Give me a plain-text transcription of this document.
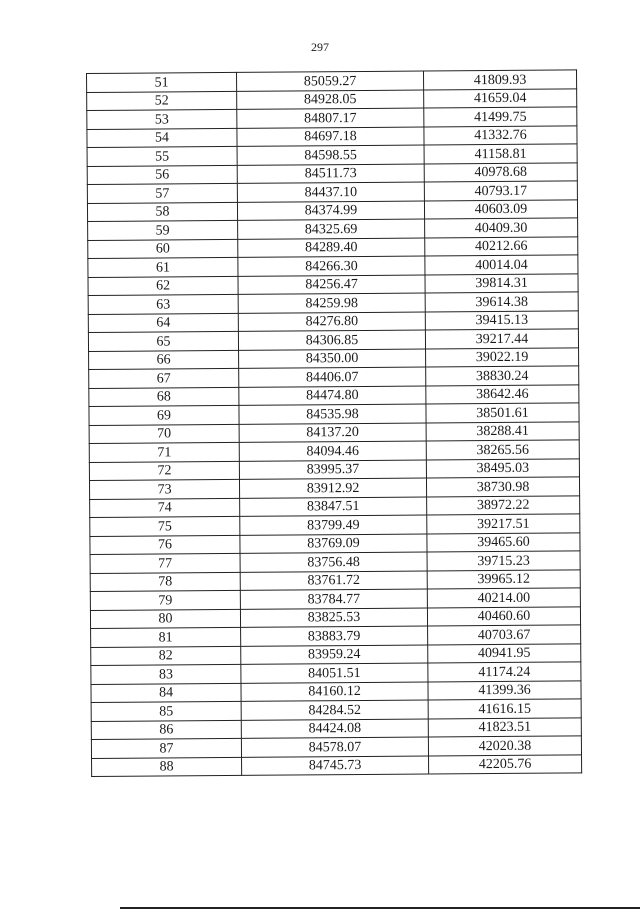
297
51	85059.27	41809.93
52	84928.05	41659.04
53	84807.17	41499.75
54	84697.18	41332.76
55	84598.55	41158.81
56	84511.73	40978.68
57	84437.10	40793.17
58	84374.99	40603.09
59	84325.69	40409.30
60	84289.40	40212.66
61	84266.30	40014.04
62	84256.47	39814.31
63	84259.98	39614.38
64	84276.80	39415.13
65	84306.85	39217.44
66	84350.00	39022.19
67	84406.07	38830.24
68	84474.80	38642.46
69	84535.98	38501.61
70	84137.20	38288.41
71	84094.46	38265.56
72	83995.37	38495.03
73	83912.92	38730.98
74	83847.51	38972.22
75	83799.49	39217.51
76	83769.09	39465.60
77	83756.48	39715.23
78	83761.72	39965.12
79	83784.77	40214.00
80	83825.53	40460.60
81	83883.79	40703.67
82	83959.24	40941.95
83	84051.51	41174.24
84	84160.12	41399.36
85	84284.52	41616.15
86	84424.08	41823.51
87	84578.07	42020.38
88	84745.73	42205.76
